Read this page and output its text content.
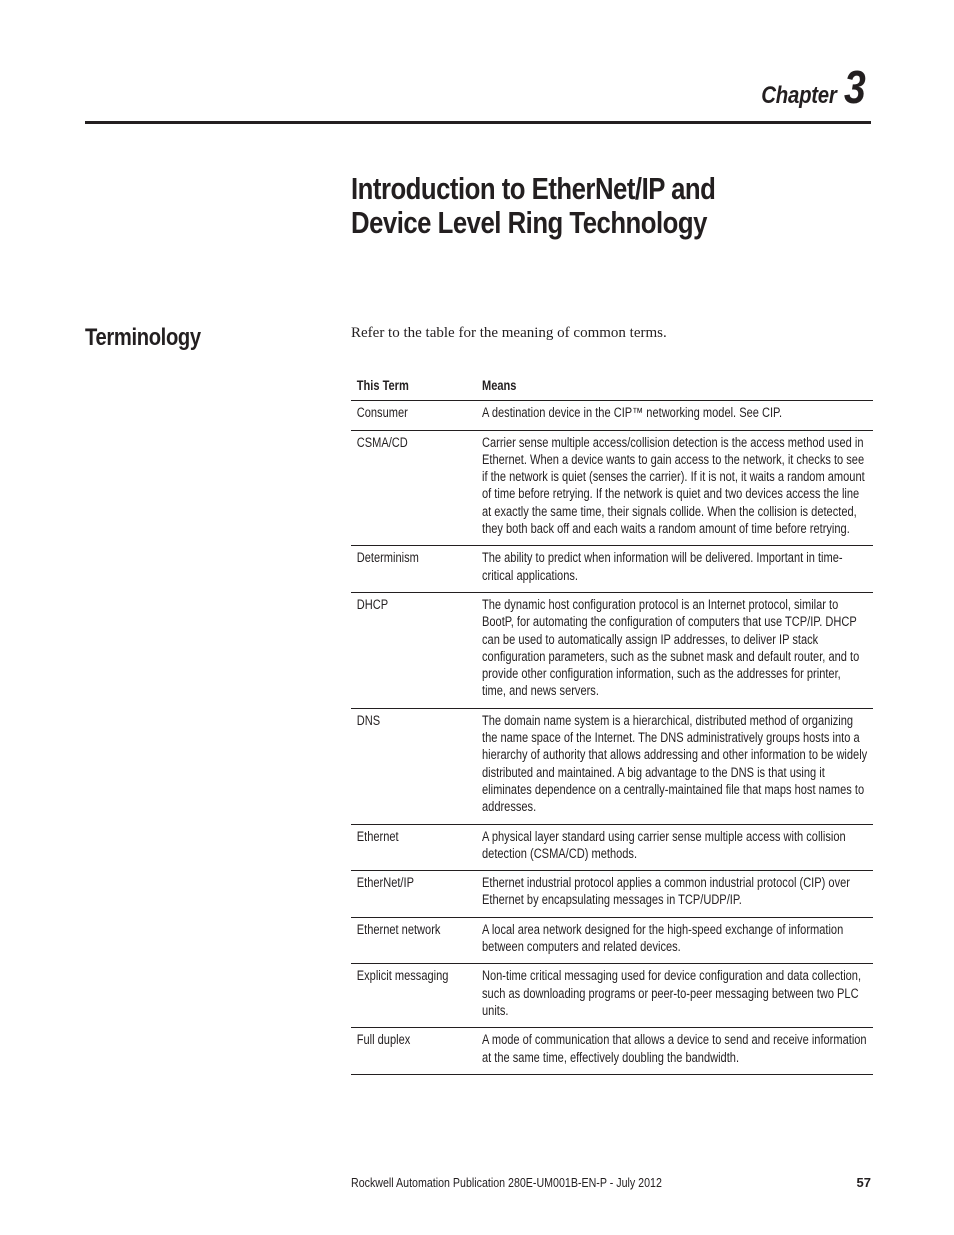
Chapter 3
Introduction to EtherNet/IP and
Device Level Ring Technology
Terminology	Refer to the table for the meaning of common terms.

This Term	Means

Consumer	A destination device in the CIP™ networking model. See CIP.

CSMA/CD	Carrier sense multiple access/collision detection is the access method used in Ethernet. When a device wants to gain access to the network, it checks to see if the network is quiet (senses the carrier). If it is not, it waits a random amount of time before retrying. If the network is quiet and two devices access the line at exactly the same time, their signals collide. When the collision is detected, they both back off and each waits a random amount of time before retrying.

Determinism	The ability to predict when information will be delivered. Important in time-critical applications.

DHCP	The dynamic host configuration protocol is an Internet protocol, similar to BootP, for automating the configuration of computers that use TCP/IP. DHCP can be used to automatically assign IP addresses, to deliver IP stack configuration parameters, such as the subnet mask and default router, and to provide other configuration information, such as the addresses for printer, time, and news servers.

DNS	The domain name system is a hierarchical, distributed method of organizing the name space of the Internet. The DNS administratively groups hosts into a hierarchy of authority that allows addressing and other information to be widely distributed and maintained. A big advantage to the DNS is that using it eliminates dependence on a centrally-maintained file that maps host names to addresses.

Ethernet	A physical layer standard using carrier sense multiple access with collision detection (CSMA/CD) methods.

EtherNet/IP	Ethernet industrial protocol applies a common industrial protocol (CIP) over Ethernet by encapsulating messages in TCP/UDP/IP.

Ethernet network	A local area network designed for the high-speed exchange of information between computers and related devices.

Explicit messaging	Non-time critical messaging used for device configuration and data collection, such as downloading programs or peer-to-peer messaging between two PLC units.

Full duplex	A mode of communication that allows a device to send and receive information at the same time, effectively doubling the bandwidth.

Rockwell Automation Publication 280E-UM001B-EN-P - July 2012	57
